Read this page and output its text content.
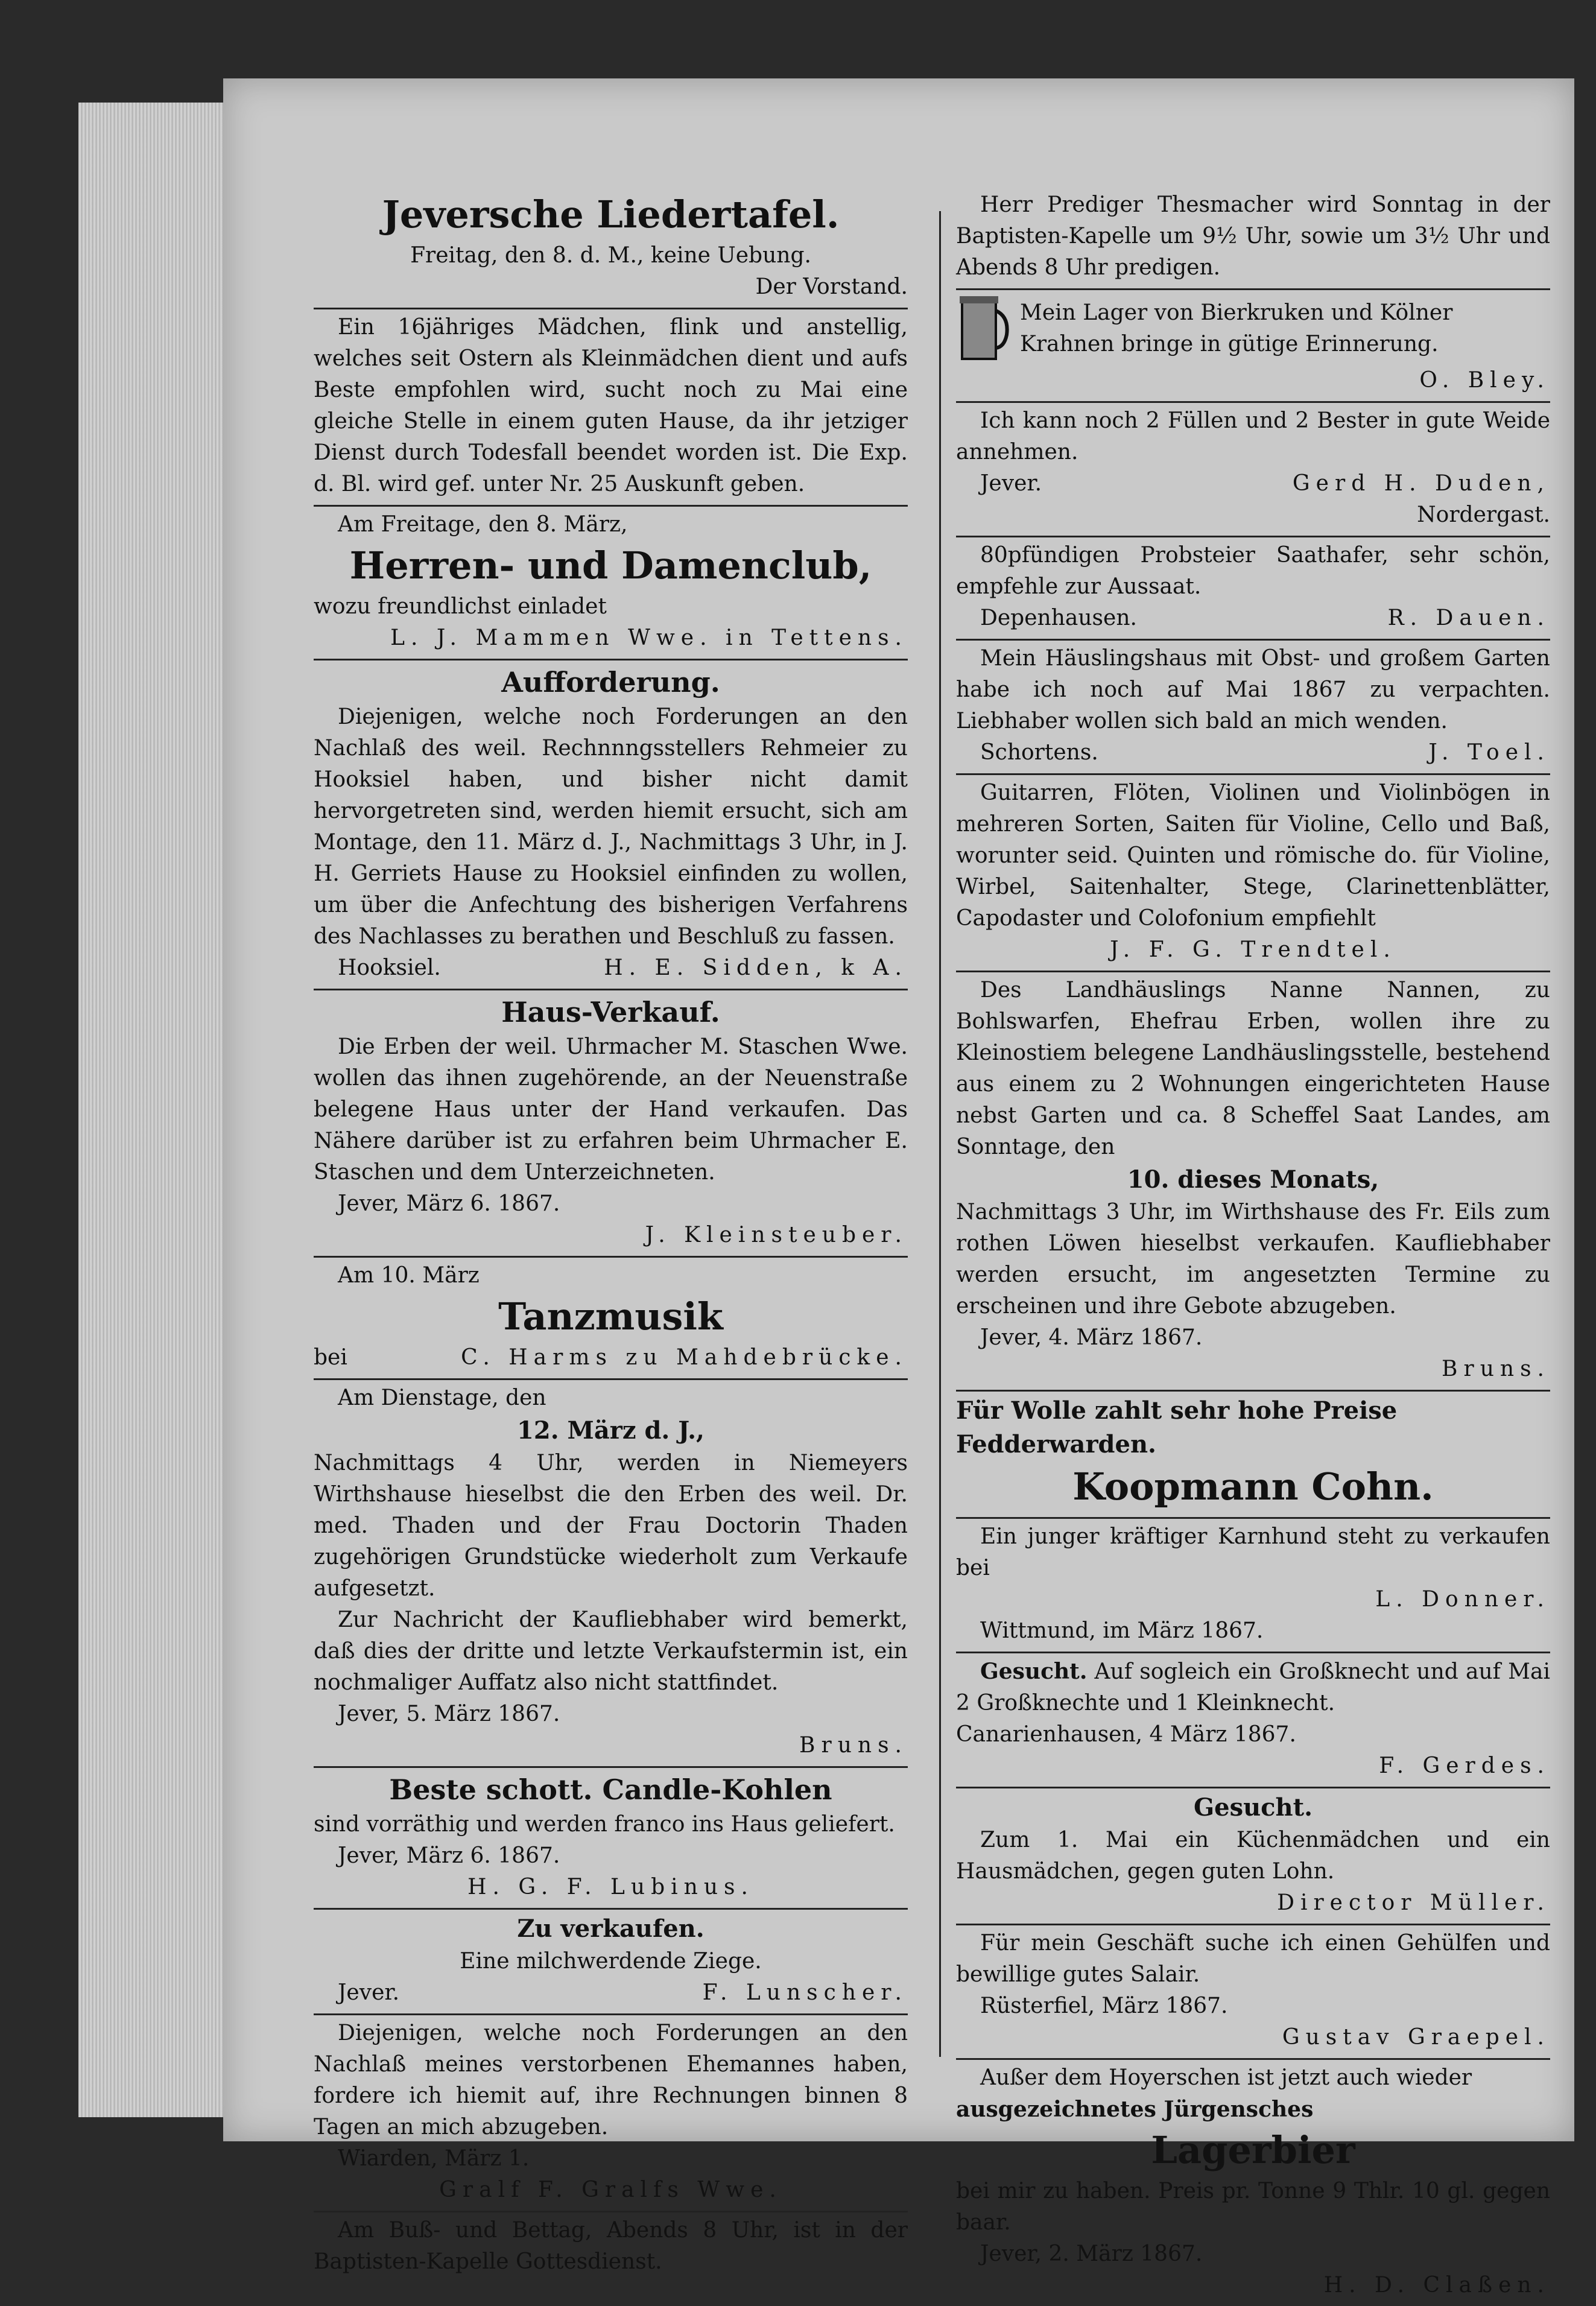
Jeversche Liedertafel.
Freitag, den 8. d. M., keine Uebung.
Der Vorstand.
Ein 16jähriges Mädchen, flink und anstellig, welches seit Ostern als Kleinmädchen dient und aufs Beste empfohlen wird, sucht noch zu Mai eine gleiche Stelle in einem guten Hause, da ihr jetziger Dienst durch Todesfall beendet worden ist. Die Exp. d. Bl. wird gef. unter Nr. 25 Auskunft geben.
Am Freitage, den 8. März,
Herren- und Damenclub,
wozu freundlichst einladet
L. J. Mammen Wwe. in Tettens.
Aufforderung.
Diejenigen, welche noch Forderungen an den Nachlaß des weil. Rechnnngsstellers Rehmeier zu Hooksiel haben, und bisher nicht damit hervorgetreten sind, werden hiemit ersucht, sich am Montage, den 11. März d. J., Nachmittags 3 Uhr, in J. H. Gerriets Hause zu Hooksiel einfinden zu wollen, um über die Anfechtung des bisherigen Verfahrens des Nachlasses zu berathen und Beschluß zu fassen.
Hooksiel.	H. E. Sidden, k A.
Haus-Verkauf.
Die Erben der weil. Uhrmacher M. Staschen Wwe. wollen das ihnen zugehörende, an der Neuenstraße belegene Haus unter der Hand verkaufen. Das Nähere darüber ist zu erfahren beim Uhrmacher E. Staschen und dem Unterzeichneten.
Jever, März 6. 1867.
J. Kleinsteuber.
Am 10. März
Tanzmusik
bei	C. Harms zu Mahdebrücke.
Am Dienstage, den
12. März d. J.,
Nachmittags 4 Uhr, werden in Niemeyers Wirthshause hieselbst die den Erben des weil. Dr. med. Thaden und der Frau Doctorin Thaden zugehörigen Grundstücke wiederholt zum Verkaufe aufgesetzt.
Zur Nachricht der Kaufliebhaber wird bemerkt, daß dies der dritte und letzte Verkaufstermin ist, ein nochmaliger Auffatz also nicht stattfindet.
Jever, 5. März 1867.
Bruns.
Beste schott. Candle-Kohlen
sind vorräthig und werden franco ins Haus geliefert.
Jever, März 6. 1867.
H. G. F. Lubinus.
Zu verkaufen.
Eine milchwerdende Ziege.
Jever.	F. Lunscher.
Diejenigen, welche noch Forderungen an den Nachlaß meines verstorbenen Ehemannes haben, fordere ich hiemit auf, ihre Rechnungen binnen 8 Tagen an mich abzugeben.
Wiarden, März 1.
Gralf F. Gralfs Wwe.
Am Buß- und Bettag, Abends 8 Uhr, ist in der Baptisten-Kapelle Gottesdienst.
Herr Prediger Thesmacher wird Sonntag in der Baptisten-Kapelle um 9½ Uhr, sowie um 3½ Uhr und Abends 8 Uhr predigen.
Mein Lager von Bierkruken und Kölner Krahnen bringe in gütige Erinnerung.
O. Bley.
Ich kann noch 2 Füllen und 2 Bester in gute Weide annehmen.
Jever.	Gerd H. Duden,
Nordergast.
80pfündigen Probsteier Saathafer, sehr schön, empfehle zur Aussaat.
Depenhausen.	R. Dauen.
Mein Häuslingshaus mit Obst- und großem Garten habe ich noch auf Mai 1867 zu verpachten. Liebhaber wollen sich bald an mich wenden.
Schortens.	J. Toel.
Guitarren, Flöten, Violinen und Violinbögen in mehreren Sorten, Saiten für Violine, Cello und Baß, worunter seid. Quinten und römische do. für Violine, Wirbel, Saitenhalter, Stege, Clarinettenblätter, Capodaster und Colofonium empfiehlt
J. F. G. Trendtel.
Des Landhäuslings Nanne Nannen, zu Bohlswarfen, Ehefrau Erben, wollen ihre zu Kleinostiem belegene Landhäuslingsstelle, bestehend aus einem zu 2 Wohnungen eingerichteten Hause nebst Garten und ca. 8 Scheffel Saat Landes, am Sonntage, den
10. dieses Monats,
Nachmittags 3 Uhr, im Wirthshause des Fr. Eils zum rothen Löwen hieselbst verkaufen. Kaufliebhaber werden ersucht, im angesetzten Termine zu erscheinen und ihre Gebote abzugeben.
Jever, 4. März 1867.
Bruns.
Für Wolle zahlt sehr hohe Preise
Fedderwarden.
Koopmann Cohn.
Ein junger kräftiger Karnhund steht zu verkaufen bei
L. Donner.
Wittmund, im März 1867.
Gesucht. Auf sogleich ein Großknecht und auf Mai 2 Großknechte und 1 Kleinknecht.
Canarienhausen, 4 März 1867.
F. Gerdes.
Gesucht.
Zum 1. Mai ein Küchenmädchen und ein Hausmädchen, gegen guten Lohn.
Director Müller.
Für mein Geschäft suche ich einen Gehülfen und bewillige gutes Salair.
Rüsterfiel, März 1867.
Gustav Graepel.
Außer dem Hoyerschen ist jetzt auch wieder
ausgezeichnetes Jürgensches
Lagerbier
bei mir zu haben. Preis pr. Tonne 9 Thlr. 10 gl. gegen baar.
Jever, 2. März 1867.
H. D. Claßen.
